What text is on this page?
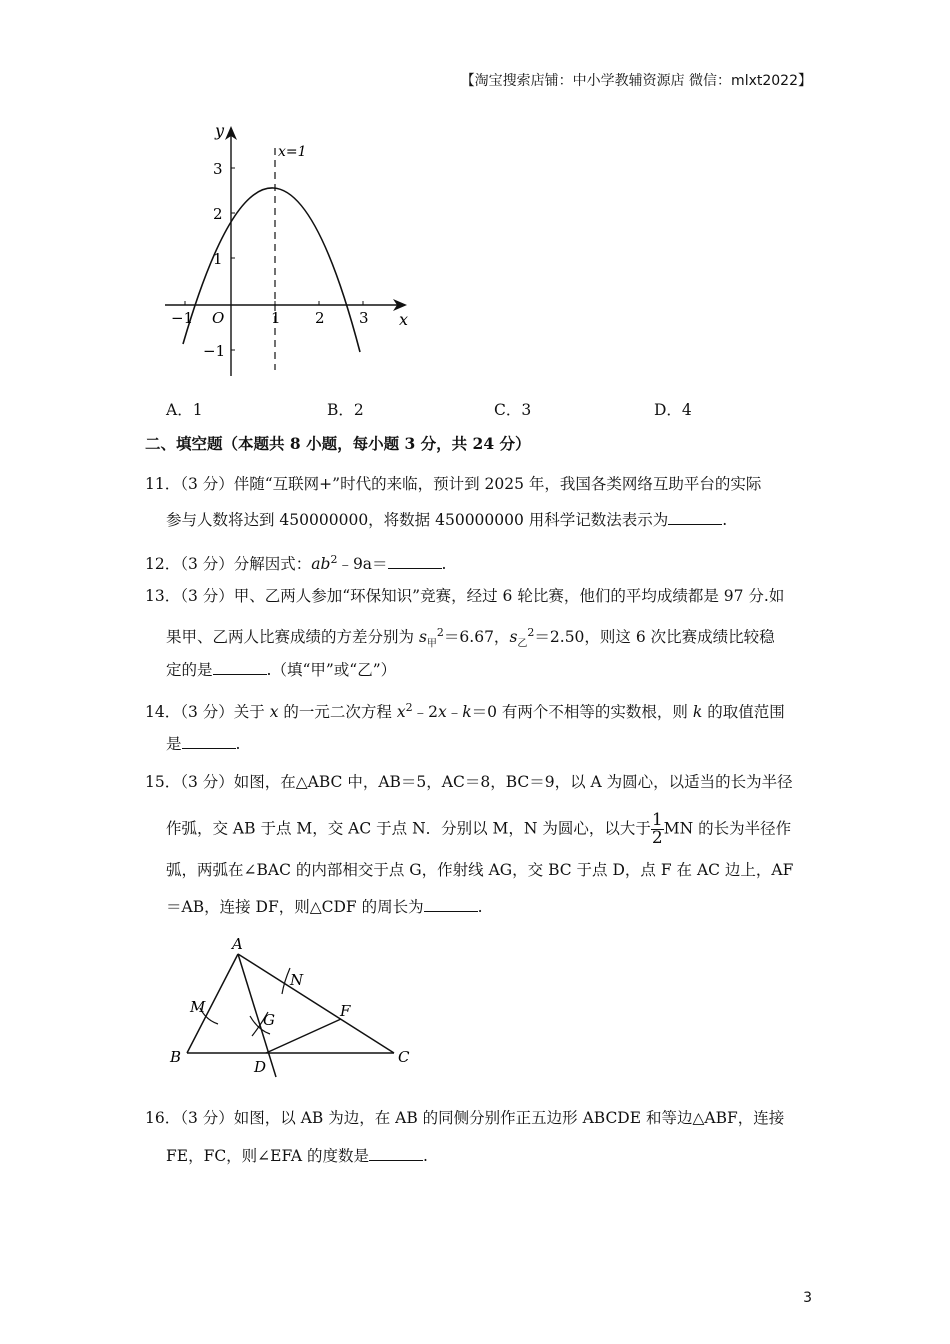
【淘宝搜索店铺：中小学教辅资源店 微信：mlxt2022】
y
x
O
x=1
−1	1 2 3
3
2
1
−1
A．1	B．2	C．3	D．4
二、填空题（本题共 8 小题，每小题 3 分，共 24 分）
11．（3 分）伴随“互联网+”时代的来临，预计到 2025 年，我国各类网络互助平台的实际
参与人数将达到 450000000，将数据 450000000 用科学记数法表示为	.
12．（3 分）分解因式：$ab^2﹣9a=$	.
13．（3 分）甲、乙两人参加“环保知识”竞赛，经过 6 轮比赛，他们的平均成绩都是 97 分.如
果甲、乙两人比赛成绩的方差分别为 $s_甲^2=6.67$，$s_乙^2=2.50$，则这 6 次比赛成绩比较稳
定的是	.（填“甲”或“乙”）
14．（3 分）关于 x 的一元二次方程 $x^2﹣2x﹣k=0$ 有两个不相等的实数根，则 k 的取值范围
是	.
15．（3 分）如图，在△ABC 中，AB＝5，AC＝8，BC＝9，以 A 为圆心，以适当的长为半径
作弧，交 AB 于点 M，交 AC 于点 N．分别以 M，N 为圆心，以大于 $\frac{1}{2}$ MN 的长为半径作
弧，两弧在∠BAC 的内部相交于点 G，作射线 AG，交 BC 于点 D，点 F 在 AC 边上，AF
＝AB，连接 DF，则△CDF 的周长为	.
A
B	C
D
F
G
M
N
16．（3 分）如图，以 AB 为边，在 AB 的同侧分别作正五边形 ABCDE 和等边△ABF，连接
FE，FC，则∠EFA 的度数是	.
3
